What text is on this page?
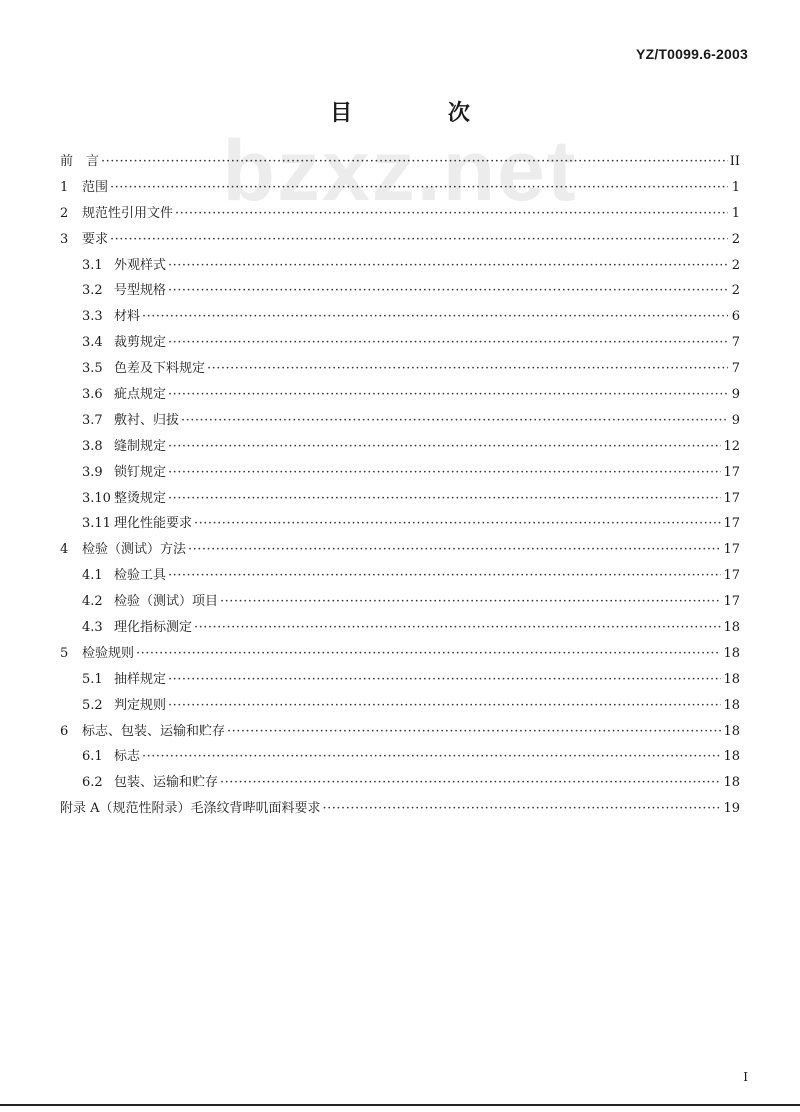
YZ/T0099.6-2003
bzxz.net
目 次
前　言 ·····	II
1	范围 ·····	1
2	规范性引用文件 ·····	1
3	要求 ·····	2
3.1 外观样式 ·····	2
3.2 号型规格 ·····	2
3.3 材料 ·····	6
3.4 裁剪规定 ·····	7
3.5 色差及下料规定 ·····	7
3.6 疵点规定 ·····	9
3.7 敷衬、归拔 ·····	9
3.8 缝制规定 ·····	12
3.9 锁钉规定 ·····	17
3.10 整烫规定 ·····	17
3.11 理化性能要求 ·····	17
4	检验（测试）方法 ·····	17
4.1 检验工具 ·····	17
4.2 检验（测试）项目 ·····	17
4.3 理化指标测定 ·····	18
5	检验规则 ·····	18
5.1 抽样规定 ·····	18
5.2 判定规则 ·····	18
6	标志、包装、运输和贮存 ·····	18
6.1 标志 ·····	18
6.2 包装、运输和贮存 ·····	18
附录 A（规范性附录）毛涤纹背哔叽面料要求 ·····	19
I
